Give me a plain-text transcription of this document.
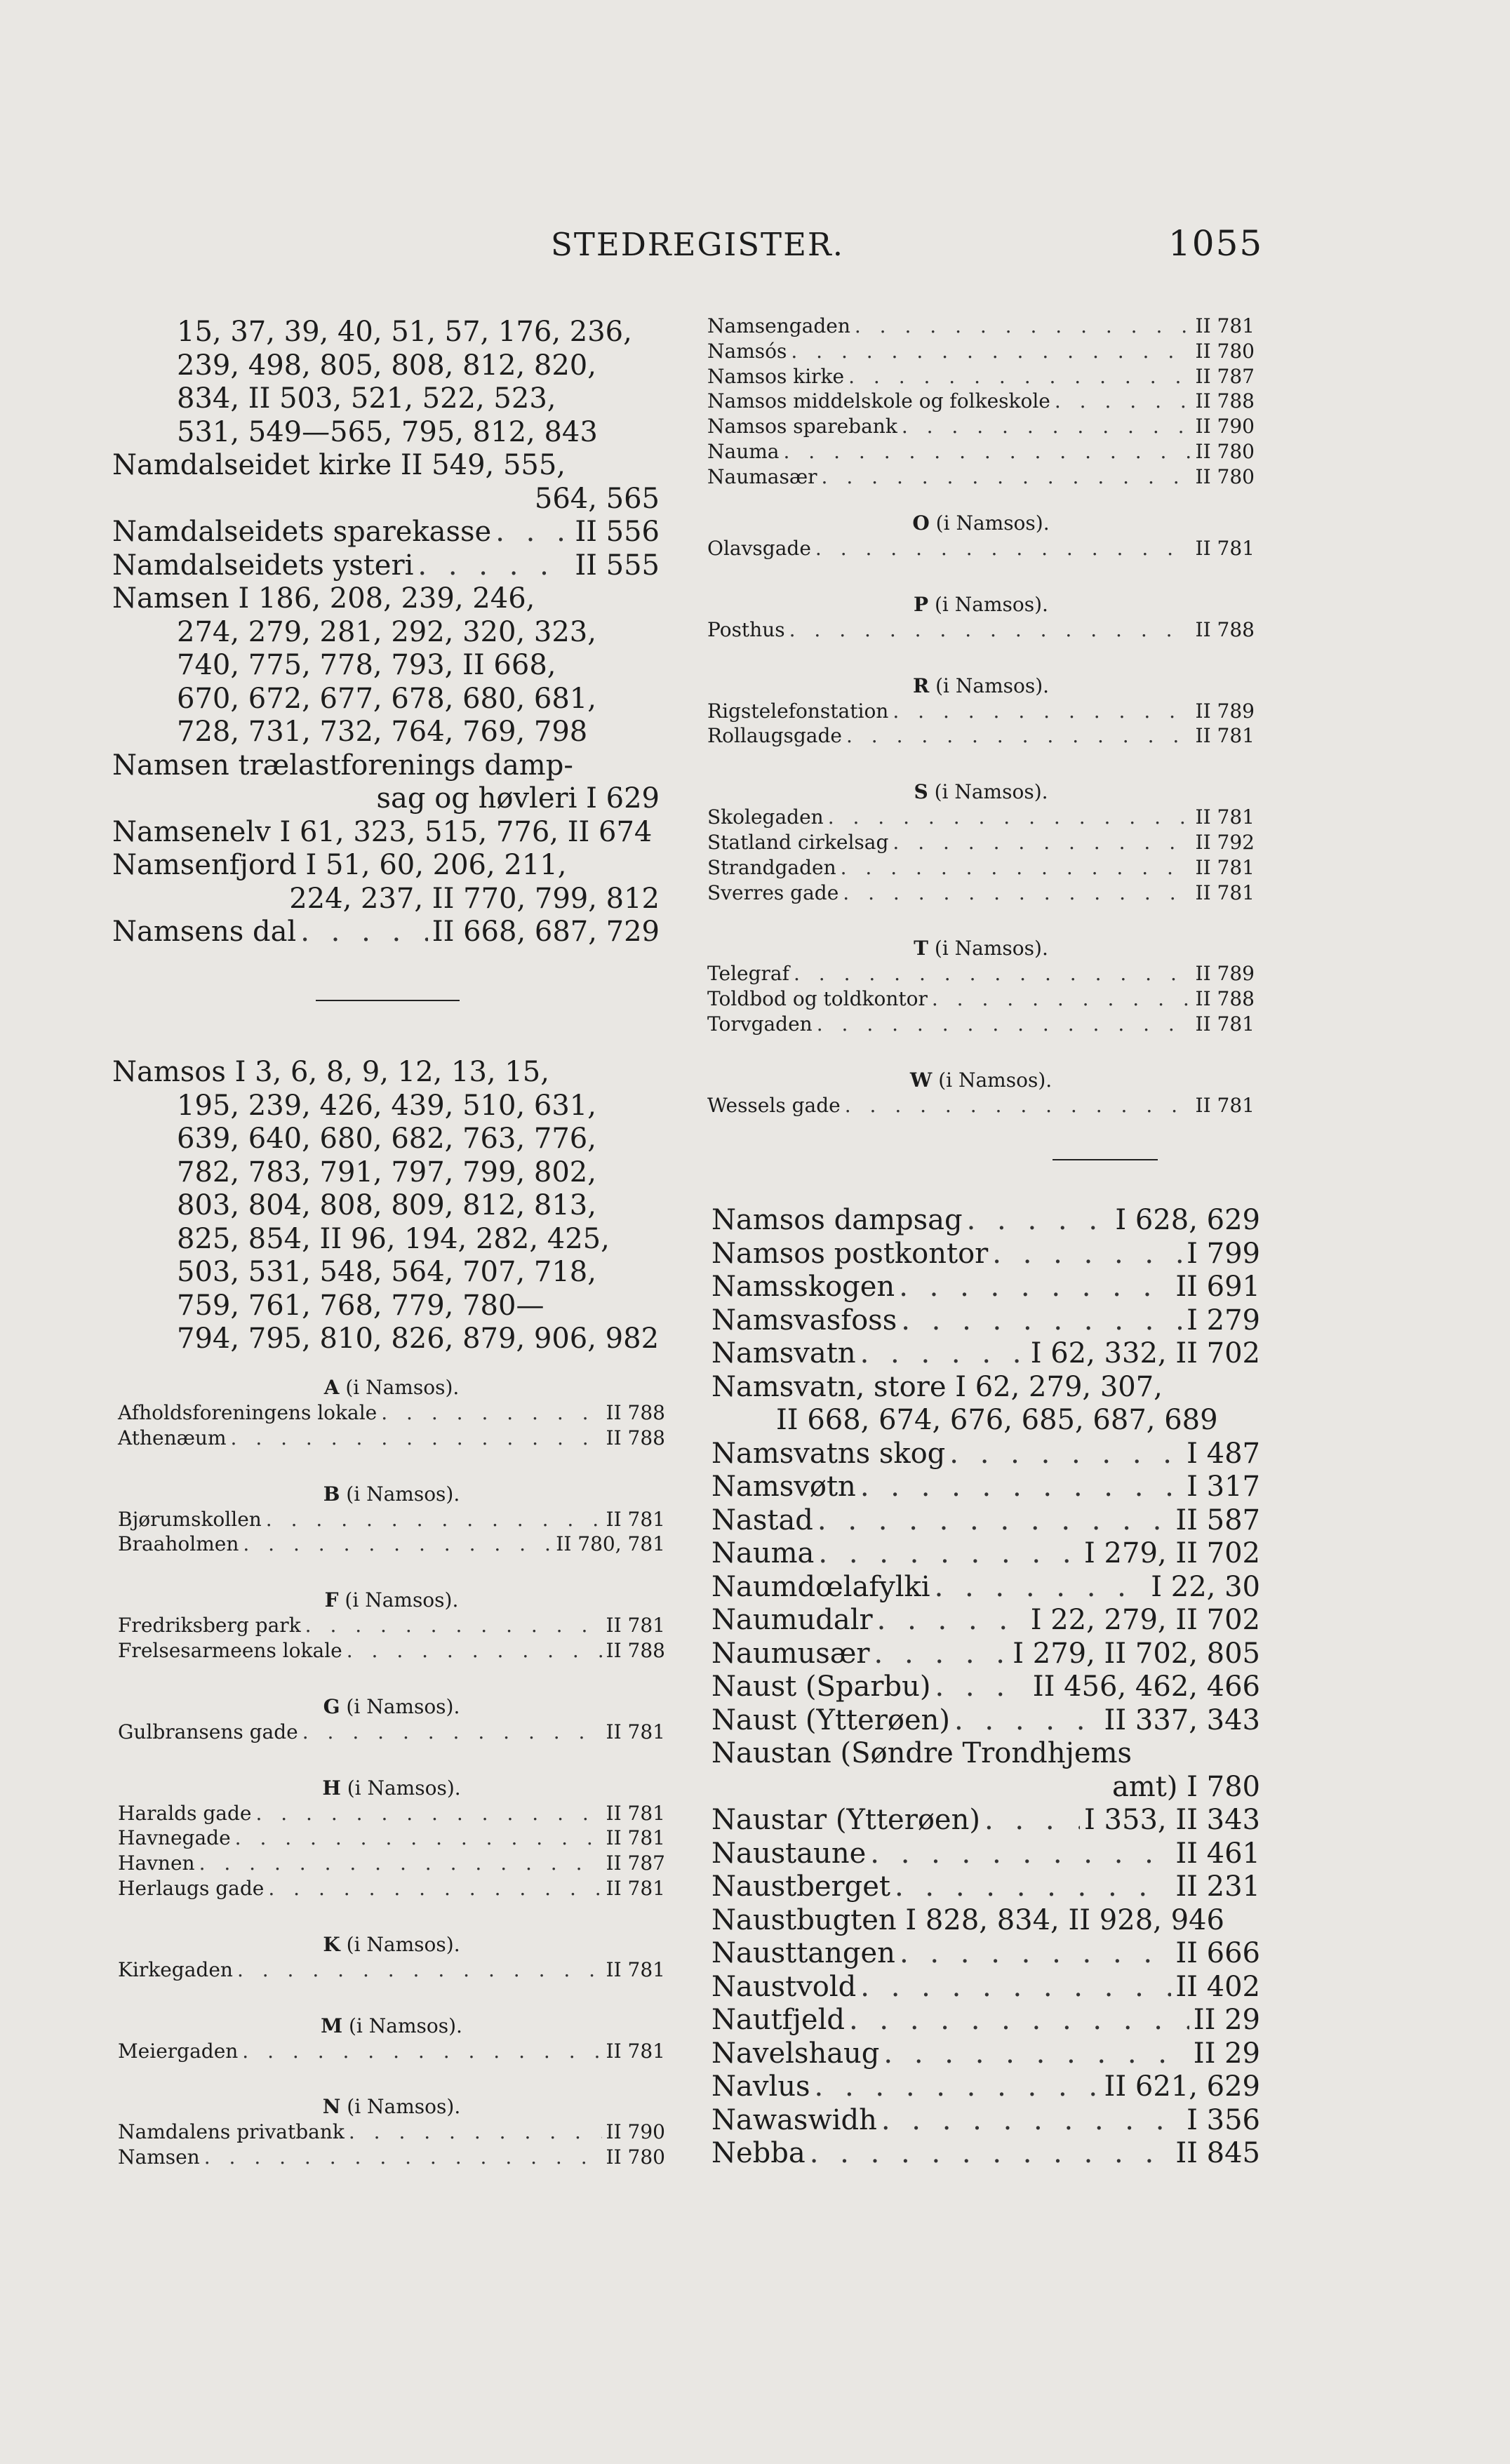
STEDREGISTER.	1055
15, 37, 39, 40, 51, 57, 176, 236,
239, 498, 805, 808, 812, 820,
834, II 503, 521, 522, 523,
531, 549—565, 795, 812, 843
Namdalseidet kirke II 549, 555,
564, 565
Namdalseidets sparekasse . . .	II 556
Namdalseidets ysteri . . .	II 555
Namsen I 186, 208, 239, 246,
274, 279, 281, 292, 320, 323,
740, 775, 778, 793, II 668,
670, 672, 677, 678, 680, 681,
728, 731, 732, 764, 769, 798
Namsen trælastforenings damp-
sag og høvleri I 629
Namsenelv I 61, 323, 515, 776, II 674
Namsenfjord I 51, 60, 206, 211,
224, 237, II 770, 799, 812
Namsens dal . . .	II 668, 687, 729
Namsos I 3, 6, 8, 9, 12, 13, 15,
195, 239, 426, 439, 510, 631,
639, 640, 680, 682, 763, 776,
782, 783, 791, 797, 799, 802,
803, 804, 808, 809, 812, 813,
825, 854, II 96, 194, 282, 425,
503, 531, 548, 564, 707, 718,
759, 761, 768, 779, 780—
794, 795, 810, 826, 879, 906, 982
A (i Namsos).
Afholdsforeningens lokale . . .	II 788
Athenæum . . .	II 788
B (i Namsos).
Bjørumskollen . . .	II 781
Braaholmen . . .	II 780, 781
F (i Namsos).
Fredriksberg park . . .	II 781
Frelsesarmeens lokale . . .	II 788
G (i Namsos).
Gulbransens gade . . .	II 781
H (i Namsos).
Haralds gade . . .	II 781
Havnegade . . .	II 781
Havnen . . .	II 787
Herlaugs gade . . .	II 781
K (i Namsos).
Kirkegaden . . .	II 781
M (i Namsos).
Meiergaden . . .	II 781
N (i Namsos).
Namdalens privatbank . . .	II 790
Namsen . . .	II 780
Namsengaden . . .	II 781
Namsós . . .	II 780
Namsos kirke . . .	II 787
Namsos middelskole og folkeskole . . .	II 788
Namsos sparebank . . .	II 790
Nauma . . .	II 780
Naumasær . . .	II 780
O (i Namsos).
Olavsgade . . .	II 781
P (i Namsos).
Posthus . . .	II 788
R (i Namsos).
Rigstelefonstation . . .	II 789
Rollaugsgade . . .	II 781
S (i Namsos).
Skolegaden . . .	II 781
Statland cirkelsag . . .	II 792
Strandgaden . . .	II 781
Sverres gade . . .	II 781
T (i Namsos).
Telegraf . . .	II 789
Toldbod og toldkontor . . .	II 788
Torvgaden . . .	II 781
W (i Namsos).
Wessels gade . . .	II 781
Namsos dampsag . . .	I 628, 629
Namsos postkontor . . .	I 799
Namsskogen . . .	II 691
Namsvasfoss . . .	I 279
Namsvatn . . .	I 62, 332, II 702
Namsvatn, store I 62, 279, 307,
II 668, 674, 676, 685, 687, 689
Namsvatns skog . . .	I 487
Namsvøtn . . .	I 317
Nastad . . .	II 587
Nauma . . .	I 279, II 702
Naumdœlafylki . . .	I 22, 30
Naumudalr . . .	I 22, 279, II 702
Naumusær . . .	I 279, II 702, 805
Naust (Sparbu) . . .	II 456, 462, 466
Naust (Ytterøen) . . .	II 337, 343
Naustan (Søndre Trondhjems
amt) I 780
Naustar (Ytterøen) . . .	I 353, II 343
Naustaune . . .	II 461
Naustberget . . .	II 231
Naustbugten I 828, 834, II 928, 946
Nausttangen . . .	II 666
Naustvold . . .	II 402
Nautfjeld . . .	II 29
Navelshaug . . .	II 29
Navlus . . .	II 621, 629
Nawaswidh . . .	I 356
Nebba . . .	II 845
